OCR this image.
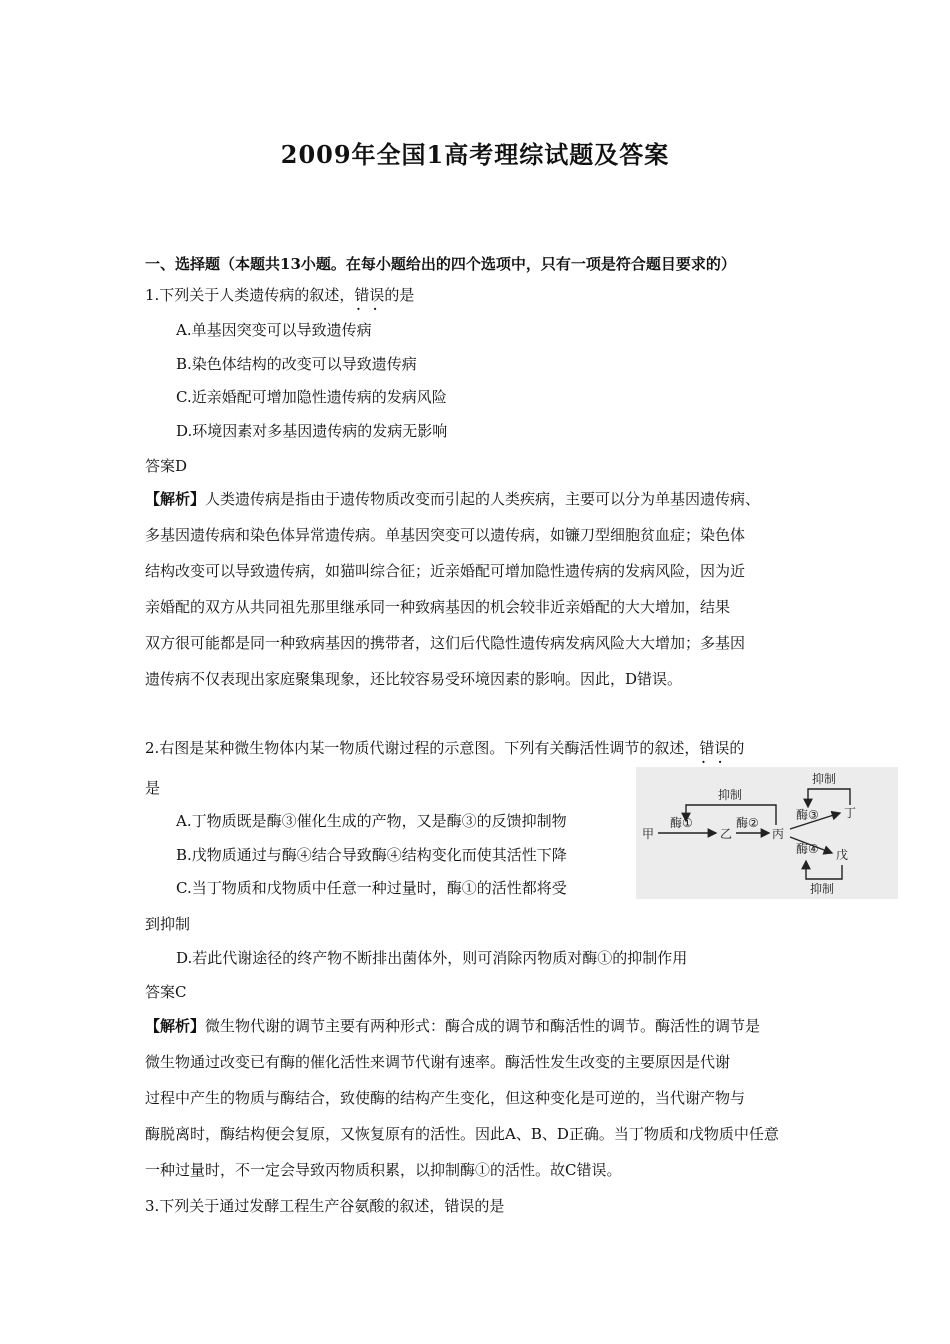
2009年全国1高考理综试题及答案
一、选择题（本题共13小题。在每小题给出的四个选项中，只有一项是符合题目要求的）
1.下列关于人类遗传病的叙述，错误 ·   ·的是
A.单基因突变可以导致遗传病
B.染色体结构的改变可以导致遗传病
C.近亲婚配可增加隐性遗传病的发病风险
D.环境因素对多基因遗传病的发病无影响
答案D
【解析】人类遗传病是指由于遗传物质改变而引起的人类疾病，主要可以分为单基因遗传病、
多基因遗传病和染色体异常遗传病。单基因突变可以遗传病，如镰刀型细胞贫血症；染色体
结构改变可以导致遗传病，如猫叫综合征；近亲婚配可增加隐性遗传病的发病风险，因为近
亲婚配的双方从共同祖先那里继承同一种致病基因的机会较非近亲婚配的大大增加，结果
双方很可能都是同一种致病基因的携带者，这们后代隐性遗传病发病风险大大增加；多基因
遗传病不仅表现出家庭聚集现象，还比较容易受环境因素的影响。因此，D错误。
2.右图是某种微生物体内某一物质代谢过程的示意图。下列有关酶活性调节的叙述，错误 ·   ·的
是
A.丁物质既是酶③催化生成的产物，又是酶③的反馈抑制物
B.戊物质通过与酶④结合导致酶④结构变化而使其活性下降
C.当丁物质和戊物质中任意一种过量时，酶①的活性都将受
到抑制
D.若此代谢途径的终产物不断排出菌体外，则可消除丙物质对酶①的抑制作用
答案C
【解析】微生物代谢的调节主要有两种形式：酶合成的调节和酶活性的调节。酶活性的调节是
微生物通过改变已有酶的催化活性来调节代谢有速率。酶活性发生改变的主要原因是代谢
过程中产生的物质与酶结合，致使酶的结构产生变化，但这种变化是可逆的，当代谢产物与
酶脱离时，酶结构便会复原，又恢复原有的活性。因此A、B、D正确。当丁物质和戊物质中任意
一种过量时，不一定会导致丙物质积累，以抑制酶①的活性。故C错误。
3.下列关于通过发酵工程生产谷氨酸的叙述，错误的是
抑制
甲
酶①
乙
酶②
丙
酶③ 丁
酶④ 戊
抑制
抑制
